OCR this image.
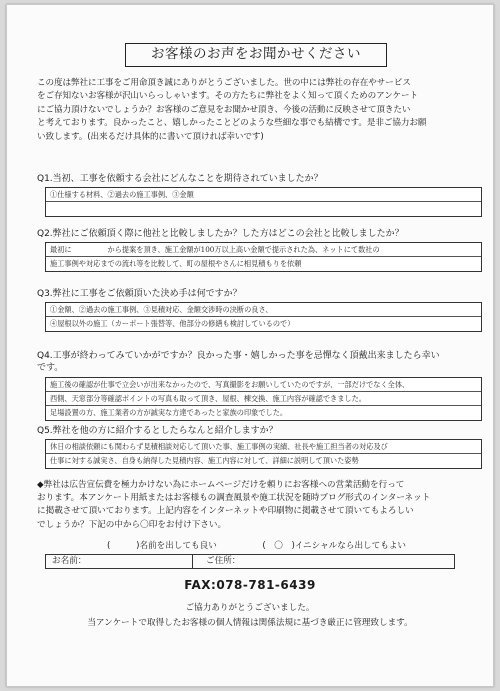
お客様のお声をお聞かせください
この度は弊社に工事をご用命頂き誠にありがとうございました。世の中には弊社の存在やサービス
をご存知ないお客様が沢山いらっしゃいます。その方たちに弊社をよく知って頂くためのアンケート
にご協力頂けないでしょうか？お客様のご意見をお聞かせ頂き、今後の活動に反映させて頂きたい
と考えております。良かったこと、嬉しかったことどのような些細な事でも結構です。是非ご協力お願
い致します。(出来るだけ具体的に書いて頂ければ幸いです)
Q1.当初、工事を依頼する会社にどんなことを期待されていましたか？
①仕様する材料、②過去の施工事例、③金額
Q2.弊社にご依頼頂く際に他社と比較しましたか？した方はどこの会社と比較しましたか？
最初に　　　　　から提案を頂き、施工金額が100万以上高い金額で提示された為、ネットにて数社の
施工事例や対応までの流れ等を比較して、町の屋根やさんに相見積もりを依頼
Q3.弊社に工事をご依頼頂いた決め手は何ですか？
①金額、②過去の施工事例、③見積対応、金額交渉時の決断の良さ、
④屋根以外の施工（カーポート張替等、他部分の修繕も検討しているので）
Q4.工事が終わってみていかがですか？良かった事・嬉しかった事を忌憚なく頂戴出来ましたら幸い
です。
施工後の確認が仕事で立会いが出来なかったので、写真撮影をお願いしていたのですが、一部だけでなく全体、
西側、天窓部分等確認ポイントの写真も取って頂き、屋根、棟交換、施工内容が確認できました。
足場設置の方、施工業者の方が誠実な方達であったと家族の印象でした。
Q5.弊社を他の方に紹介するとしたらなんと紹介しますか？
休日の相談依頼にも関わらず見積相談対応して頂いた事、施工事例の実績、社長や施工担当者の対応及び
仕事に対する誠実さ、自身も納得した見積内容、施工内容に対して、詳細に説明して頂いた姿勢
◆弊社は広告宣伝費を極力かけない為にホームページだけを頼りにお客様への営業活動を行って
おります。本アンケート用紙またはお客様もの調査風景や施工状況を随時ブログ形式のインターネット
に掲載させて頂いております。上記内容をインターネットや印刷物に掲載させて頂いてもよろしい
でしょうか？下記の中から〇印をお付け下さい。
(　　　)名前を出しても良い	(　〇　)イニシャルなら出してもよい
お名前：	ご住所：
FAX:078-781-6439
ご協力ありがとうございました。
当アンケートで取得したお客様の個人情報は関係法規に基づき厳正に管理致します。
